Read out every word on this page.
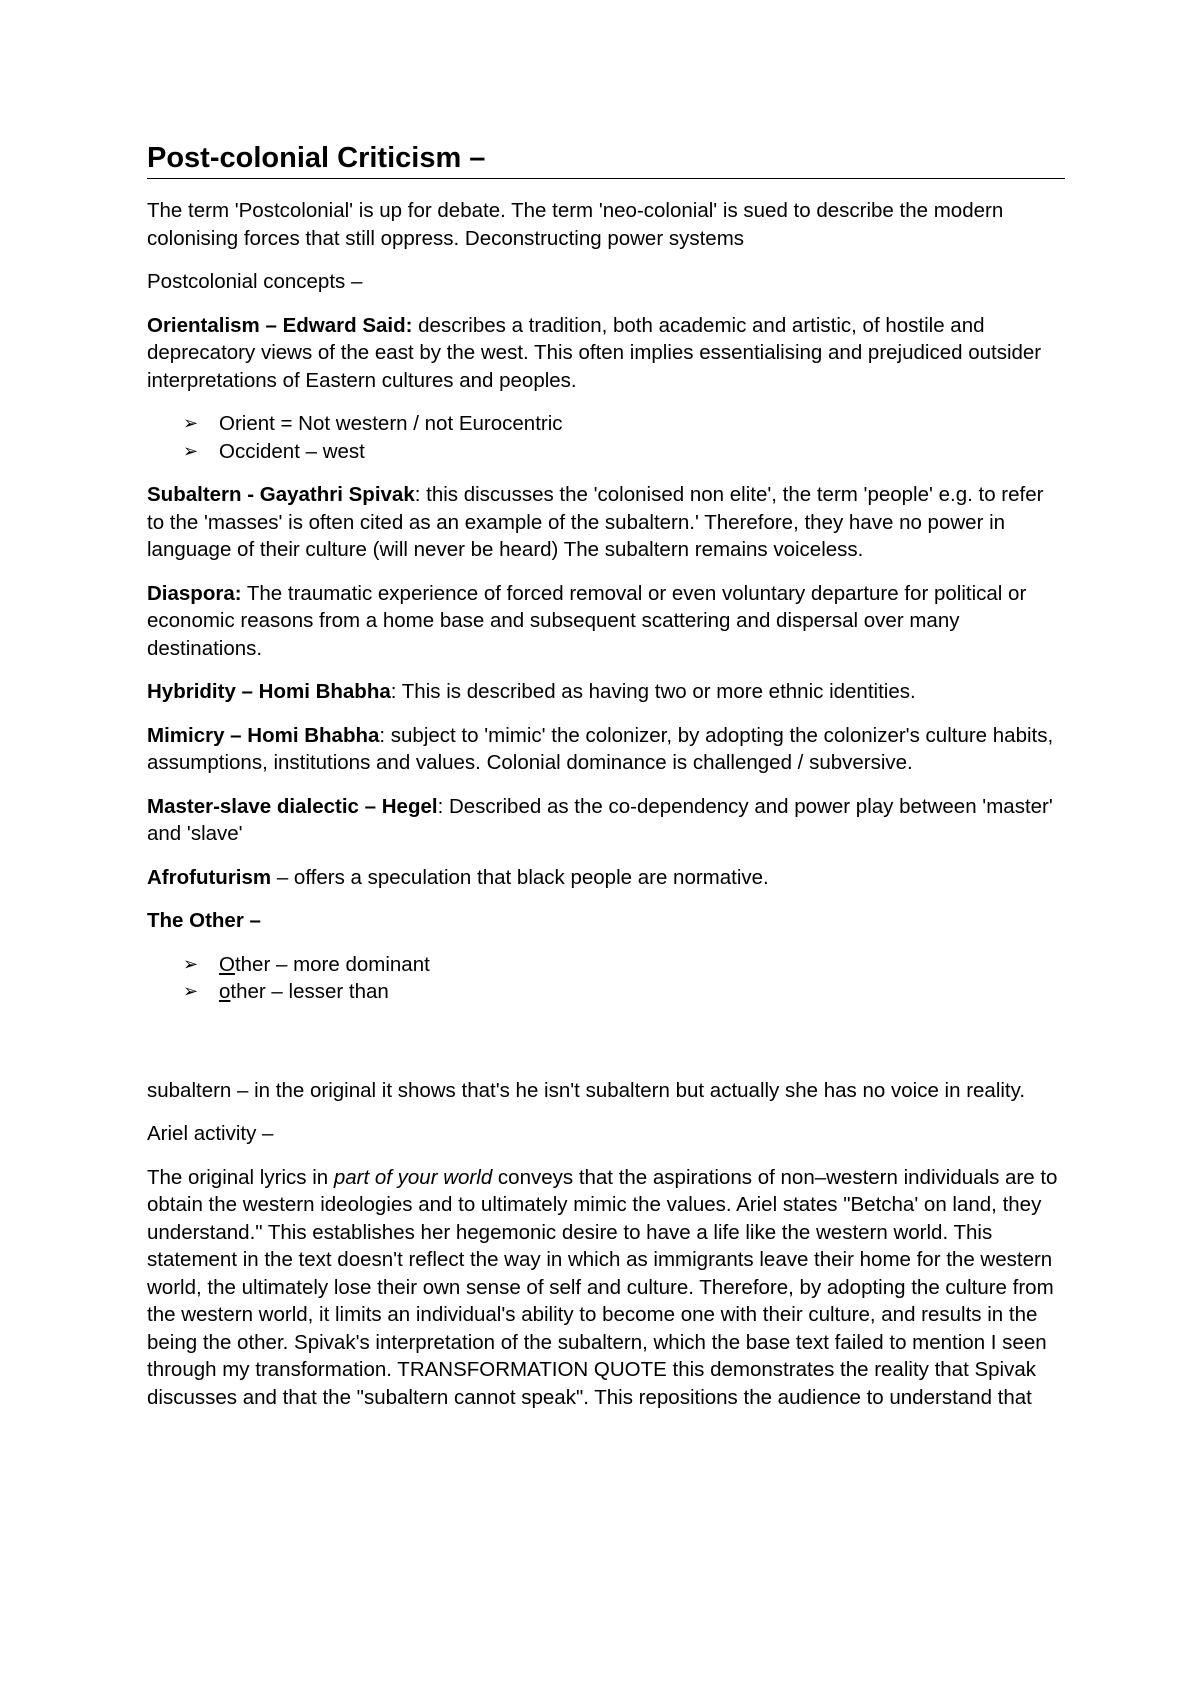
Post-colonial Criticism –

The term 'Postcolonial' is up for debate. The term 'neo-colonial' is sued to describe the modern colonising forces that still oppress. Deconstructing power systems

Postcolonial concepts –

Orientalism – Edward Said: describes a tradition, both academic and artistic, of hostile and deprecatory views of the east by the west. This often implies essentialising and prejudiced outsider interpretations of Eastern cultures and peoples.

➢ Orient = Not western / not Eurocentric
➢ Occident – west

Subaltern - Gayathri Spivak: this discusses the 'colonised non elite', the term 'people' e.g. to refer to the 'masses' is often cited as an example of the subaltern.' Therefore, they have no power in language of their culture (will never be heard) The subaltern remains voiceless.

Diaspora: The traumatic experience of forced removal or even voluntary departure for political or economic reasons from a home base and subsequent scattering and dispersal over many destinations.

Hybridity – Homi Bhabha: This is described as having two or more ethnic identities.

Mimicry – Homi Bhabha: subject to 'mimic' the colonizer, by adopting the colonizer's culture habits, assumptions, institutions and values. Colonial dominance is challenged / subversive.

Master-slave dialectic – Hegel: Described as the co-dependency and power play between 'master' and 'slave'

Afrofuturism – offers a speculation that black people are normative.

The Other –

➢ Other – more dominant
➢ other – lesser than

subaltern – in the original it shows that's he isn't subaltern but actually she has no voice in reality.

Ariel activity –

The original lyrics in part of your world conveys that the aspirations of non–western individuals are to obtain the western ideologies and to ultimately mimic the values. Ariel states "Betcha' on land, they understand." This establishes her hegemonic desire to have a life like the western world. This statement in the text doesn't reflect the way in which as immigrants leave their home for the western world, the ultimately lose their own sense of self and culture. Therefore, by adopting the culture from the western world, it limits an individual's ability to become one with their culture, and results in the being the other. Spivak's interpretation of the subaltern, which the base text failed to mention I seen through my transformation. TRANSFORMATION QUOTE this demonstrates the reality that Spivak discusses and that the "subaltern cannot speak". This repositions the audience to understand that
